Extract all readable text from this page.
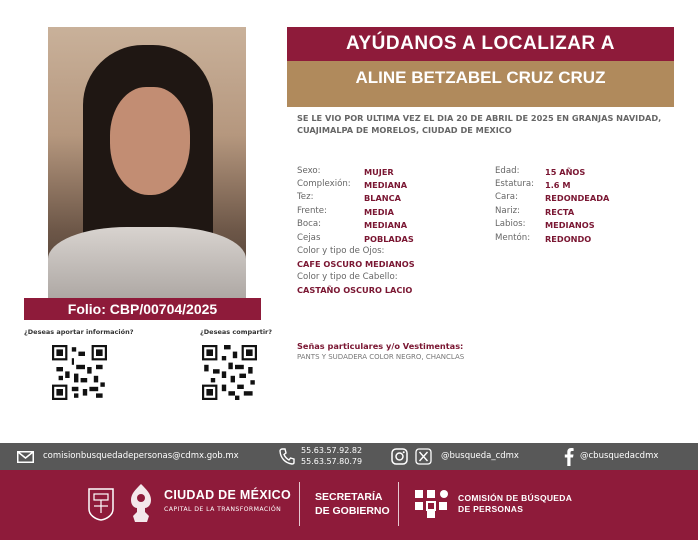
Folio: CBP/00704/2025
¿Deseas aportar información?	¿Deseas compartir?
AYÚDANOS A LOCALIZAR A
ALINE BETZABEL CRUZ CRUZ
SE LE VIO POR ULTIMA VEZ EL DIA 20 DE ABRIL DE 2025 EN GRANJAS NAVIDAD, CUAJIMALPA DE MORELOS, CIUDAD DE MEXICO
Sexo:	MUJER
Complexión: MEDIANA
Tez:	BLANCA
Frente:	MEDIA
Boca:	MEDIANA
Cejas	POBLADAS
Color y tipo de Ojos:
CAFE OSCURO MEDIANOS
Color y tipo de Cabello:
CASTAÑO OSCURO LACIO
Edad:	15 AÑOS
Estatura: 1.6 M
Cara:	REDONDEADA
Nariz:	RECTA
Labios: MEDIANOS
Mentón: REDONDO
Señas particulares y/o Vestimentas:
PANTS Y SUDADERA COLOR NEGRO, CHANCLAS
comisionbusquedadepersonas@cdmx.gob.mx
55.63.57.92.82
55.63.57.80.79
@busqueda_cdmx	@cbusquedacdmx
CIUDAD DE MÉXICO
CAPITAL DE LA TRANSFORMACIÓN
SECRETARÍA
DE GOBIERNO
COMISIÓN DE BÚSQUEDA
DE PERSONAS
